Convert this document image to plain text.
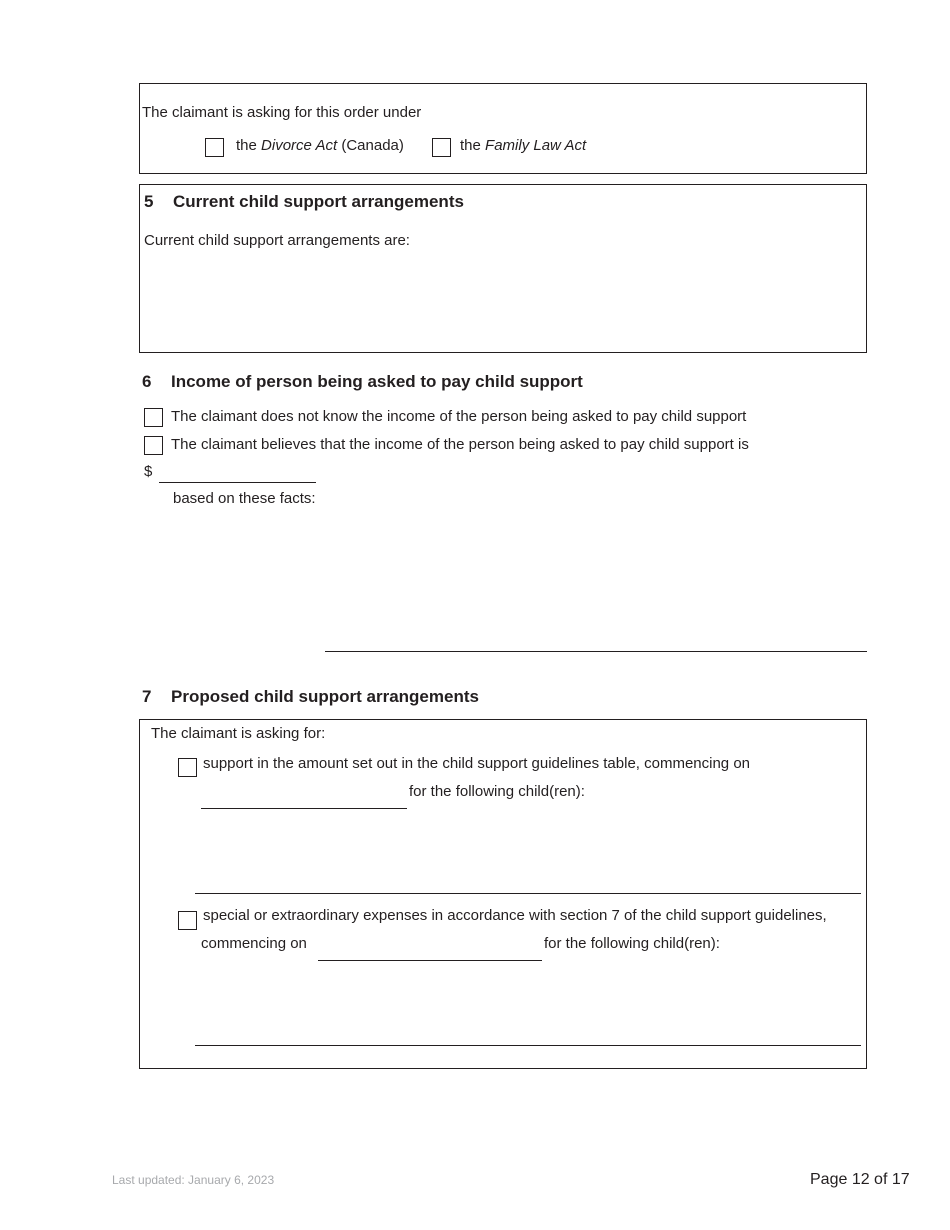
The claimant is asking for this order under
the Divorce Act (Canada)	the Family Law Act
5 Current child support arrangements
Current child support arrangements are:
6 Income of person being asked to pay child support
The claimant does not know the income of the person being asked to pay child support
The claimant believes that the income of the person being asked to pay child support is
$
based on these facts:
7 Proposed child support arrangements
The claimant is asking for:
support in the amount set out in the child support guidelines table, commencing on
for the following child(ren):
special or extraordinary expenses in accordance with section 7 of the child support guidelines,
commencing on	for the following child(ren):
Last updated: January 6, 2023	Page 12 of 17
